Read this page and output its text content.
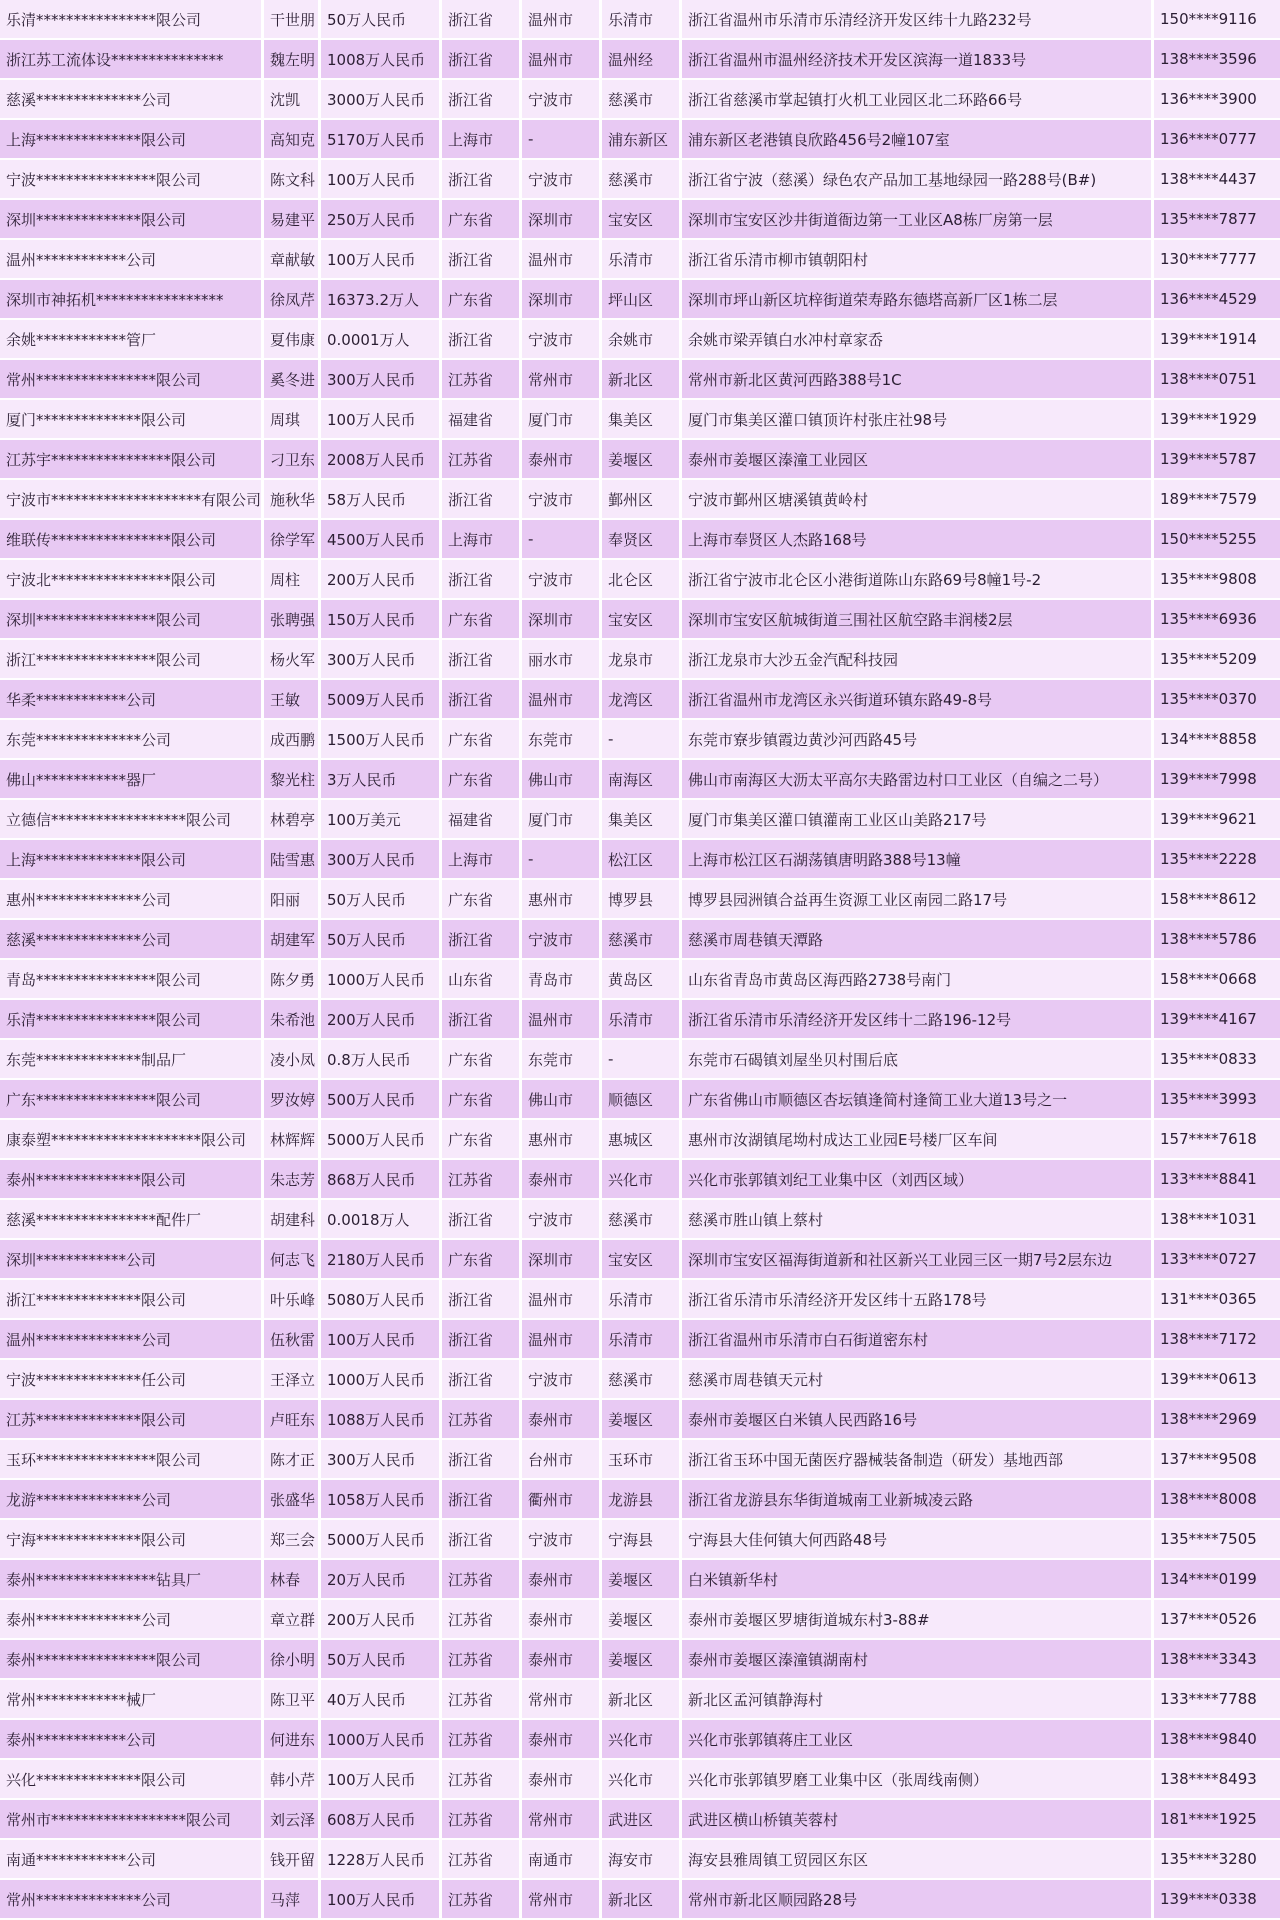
乐清****************限公司	干世朋	50万人民币	浙江省	温州市	乐清市	浙江省温州市乐清市乐清经济开发区纬十九路232号	150****9116
浙江苏工流体设***************	魏左明	1008万人民币	浙江省	温州市	温州经	浙江省温州市温州经济技术开发区滨海一道1833号	138****3596
慈溪**************公司	沈凯	3000万人民币	浙江省	宁波市	慈溪市	浙江省慈溪市掌起镇打火机工业园区北二环路66号	136****3900
上海**************限公司	高知克	5170万人民币	上海市	-	浦东新区	浦东新区老港镇良欣路456号2幢107室	136****0777
宁波****************限公司	陈文科	100万人民币	浙江省	宁波市	慈溪市	浙江省宁波（慈溪）绿色农产品加工基地绿园一路288号(B#)	138****4437
深圳**************限公司	易建平	250万人民币	广东省	深圳市	宝安区	深圳市宝安区沙井街道衙边第一工业区A8栋厂房第一层	135****7877
温州************公司	章献敏	100万人民币	浙江省	温州市	乐清市	浙江省乐清市柳市镇朝阳村	130****7777
深圳市神拓机*****************	徐凤芹	16373.2万人	广东省	深圳市	坪山区	深圳市坪山新区坑梓街道荣寿路东德塔高新厂区1栋二层	136****4529
余姚************管厂	夏伟康	0.0001万人	浙江省	宁波市	余姚市	余姚市梁弄镇白水冲村章家岙	139****1914
常州****************限公司	奚冬进	300万人民币	江苏省	常州市	新北区	常州市新北区黄河西路388号1C	138****0751
厦门**************限公司	周琪	100万人民币	福建省	厦门市	集美区	厦门市集美区灌口镇顶许村张庄社98号	139****1929
江苏宇****************限公司	刁卫东	2008万人民币	江苏省	泰州市	姜堰区	泰州市姜堰区溱潼工业园区	139****5787
宁波市********************有限公司	施秋华	58万人民币	浙江省	宁波市	鄞州区	宁波市鄞州区塘溪镇黄岭村	189****7579
维联传****************限公司	徐学军	4500万人民币	上海市	-	奉贤区	上海市奉贤区人杰路168号	150****5255
宁波北****************限公司	周柱	200万人民币	浙江省	宁波市	北仑区	浙江省宁波市北仑区小港街道陈山东路69号8幢1号-2	135****9808
深圳****************限公司	张聘强	150万人民币	广东省	深圳市	宝安区	深圳市宝安区航城街道三围社区航空路丰润楼2层	135****6936
浙江****************限公司	杨火军	300万人民币	浙江省	丽水市	龙泉市	浙江龙泉市大沙五金汽配科技园	135****5209
华柔************公司	王敏	5009万人民币	浙江省	温州市	龙湾区	浙江省温州市龙湾区永兴街道环镇东路49-8号	135****0370
东莞**************公司	成西鹏	1500万人民币	广东省	东莞市	-	东莞市寮步镇霞边黄沙河西路45号	134****8858
佛山************器厂	黎光柱	3万人民币	广东省	佛山市	南海区	佛山市南海区大沥太平高尔夫路雷边村口工业区（自编之二号）	139****7998
立德信******************限公司	林碧亭	100万美元	福建省	厦门市	集美区	厦门市集美区灌口镇灌南工业区山美路217号	139****9621
上海**************限公司	陆雪惠	300万人民币	上海市	-	松江区	上海市松江区石湖荡镇唐明路388号13幢	135****2228
惠州**************公司	阳丽	50万人民币	广东省	惠州市	博罗县	博罗县园洲镇合益再生资源工业区南园二路17号	158****8612
慈溪**************公司	胡建军	50万人民币	浙江省	宁波市	慈溪市	慈溪市周巷镇天潭路	138****5786
青岛****************限公司	陈夕勇	1000万人民币	山东省	青岛市	黄岛区	山东省青岛市黄岛区海西路2738号南门	158****0668
乐清****************限公司	朱希池	200万人民币	浙江省	温州市	乐清市	浙江省乐清市乐清经济开发区纬十二路196-12号	139****4167
东莞**************制品厂	凌小凤	0.8万人民币	广东省	东莞市	-	东莞市石碣镇刘屋坐贝村围后底	135****0833
广东****************限公司	罗汝婷	500万人民币	广东省	佛山市	顺德区	广东省佛山市顺德区杏坛镇逢简村逢简工业大道13号之一	135****3993
康泰塑********************限公司	林辉辉	5000万人民币	广东省	惠州市	惠城区	惠州市汝湖镇尾坳村成达工业园E号楼厂区车间	157****7618
泰州**************限公司	朱志芳	868万人民币	江苏省	泰州市	兴化市	兴化市张郭镇刘纪工业集中区（刘西区域）	133****8841
慈溪****************配件厂	胡建科	0.0018万人	浙江省	宁波市	慈溪市	慈溪市胜山镇上蔡村	138****1031
深圳************公司	何志飞	2180万人民币	广东省	深圳市	宝安区	深圳市宝安区福海街道新和社区新兴工业园三区一期7号2层东边	133****0727
浙江**************限公司	叶乐峰	5080万人民币	浙江省	温州市	乐清市	浙江省乐清市乐清经济开发区纬十五路178号	131****0365
温州**************公司	伍秋雷	100万人民币	浙江省	温州市	乐清市	浙江省温州市乐清市白石街道密东村	138****7172
宁波**************任公司	王泽立	1000万人民币	浙江省	宁波市	慈溪市	慈溪市周巷镇天元村	139****0613
江苏**************限公司	卢旺东	1088万人民币	江苏省	泰州市	姜堰区	泰州市姜堰区白米镇人民西路16号	138****2969
玉环****************限公司	陈才正	300万人民币	浙江省	台州市	玉环市	浙江省玉环中国无菌医疗器械装备制造（研发）基地西部	137****9508
龙游**************公司	张盛华	1058万人民币	浙江省	衢州市	龙游县	浙江省龙游县东华街道城南工业新城凌云路	138****8008
宁海**************限公司	郑三会	5000万人民币	浙江省	宁波市	宁海县	宁海县大佳何镇大何西路48号	135****7505
泰州****************钻具厂	林春	20万人民币	江苏省	泰州市	姜堰区	白米镇新华村	134****0199
泰州**************公司	章立群	200万人民币	江苏省	泰州市	姜堰区	泰州市姜堰区罗塘街道城东村3-88#	137****0526
泰州****************限公司	徐小明	50万人民币	江苏省	泰州市	姜堰区	泰州市姜堰区溱潼镇湖南村	138****3343
常州************械厂	陈卫平	40万人民币	江苏省	常州市	新北区	新北区孟河镇静海村	133****7788
泰州************公司	何进东	1000万人民币	江苏省	泰州市	兴化市	兴化市张郭镇蒋庄工业区	138****9840
兴化**************限公司	韩小芹	100万人民币	江苏省	泰州市	兴化市	兴化市张郭镇罗磨工业集中区（张周线南侧）	138****8493
常州市******************限公司	刘云泽	608万人民币	江苏省	常州市	武进区	武进区横山桥镇芙蓉村	181****1925
南通************公司	钱开留	1228万人民币	江苏省	南通市	海安市	海安县雅周镇工贸园区东区	135****3280
常州**************公司	马萍	100万人民币	江苏省	常州市	新北区	常州市新北区顺园路28号	139****0338
